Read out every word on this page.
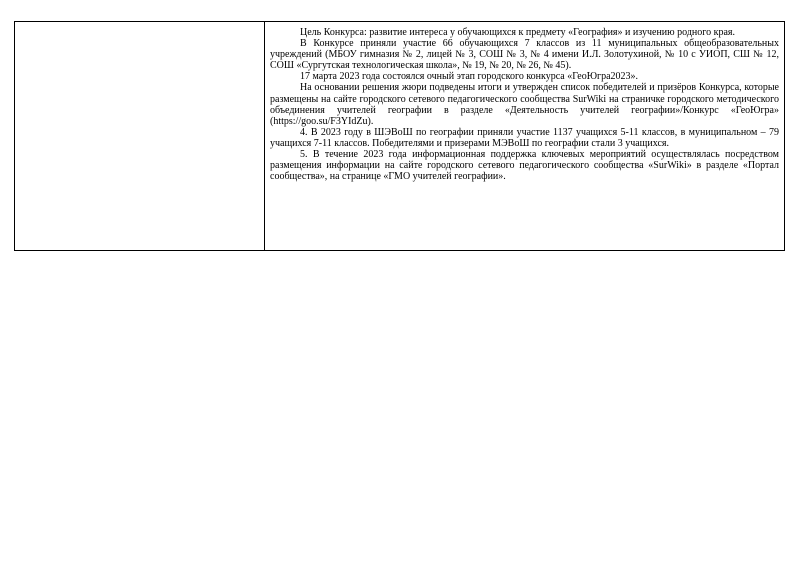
Цель Конкурса: развитие интереса у обучающихся к предмету «География» и изучению родного края.

В Конкурсе приняли участие 66 обучающихся 7 классов из 11 муниципальных общеобразовательных учреждений (МБОУ гимназия № 2, лицей № 3, СОШ № 3, № 4 имени И.Л. Золотухиной, № 10 с УИОП, СШ № 12, СОШ «Сургутская технологическая школа», № 19, № 20, № 26, № 45).

17 марта 2023 года состоялся очный этап городского конкурса «ГеоЮгра2023».

На основании решения жюри подведены итоги и утвержден список победителей и призёров Конкурса, которые размещены на сайте городского сетевого педагогического сообщества SurWiki на страничке городского методического объединения учителей географии в разделе «Деятельность учителей географии»/Конкурс «ГеоЮгра» (https://goo.su/F3YIdZu).

4. В 2023 году в ШЭВоШ по географии приняли участие 1137 учащихся 5-11 классов, в муниципальном – 79 учащихся 7-11 классов. Победителями и призерами МЭВоШ по географии стали 3 учащихся.

5. В течение 2023 года информационная поддержка ключевых мероприятий осуществлялась посредством размещения информации на сайте городского сетевого педагогического сообщества «SurWiki» в разделе «Портал сообщества», на странице «ГМО учителей географии».
